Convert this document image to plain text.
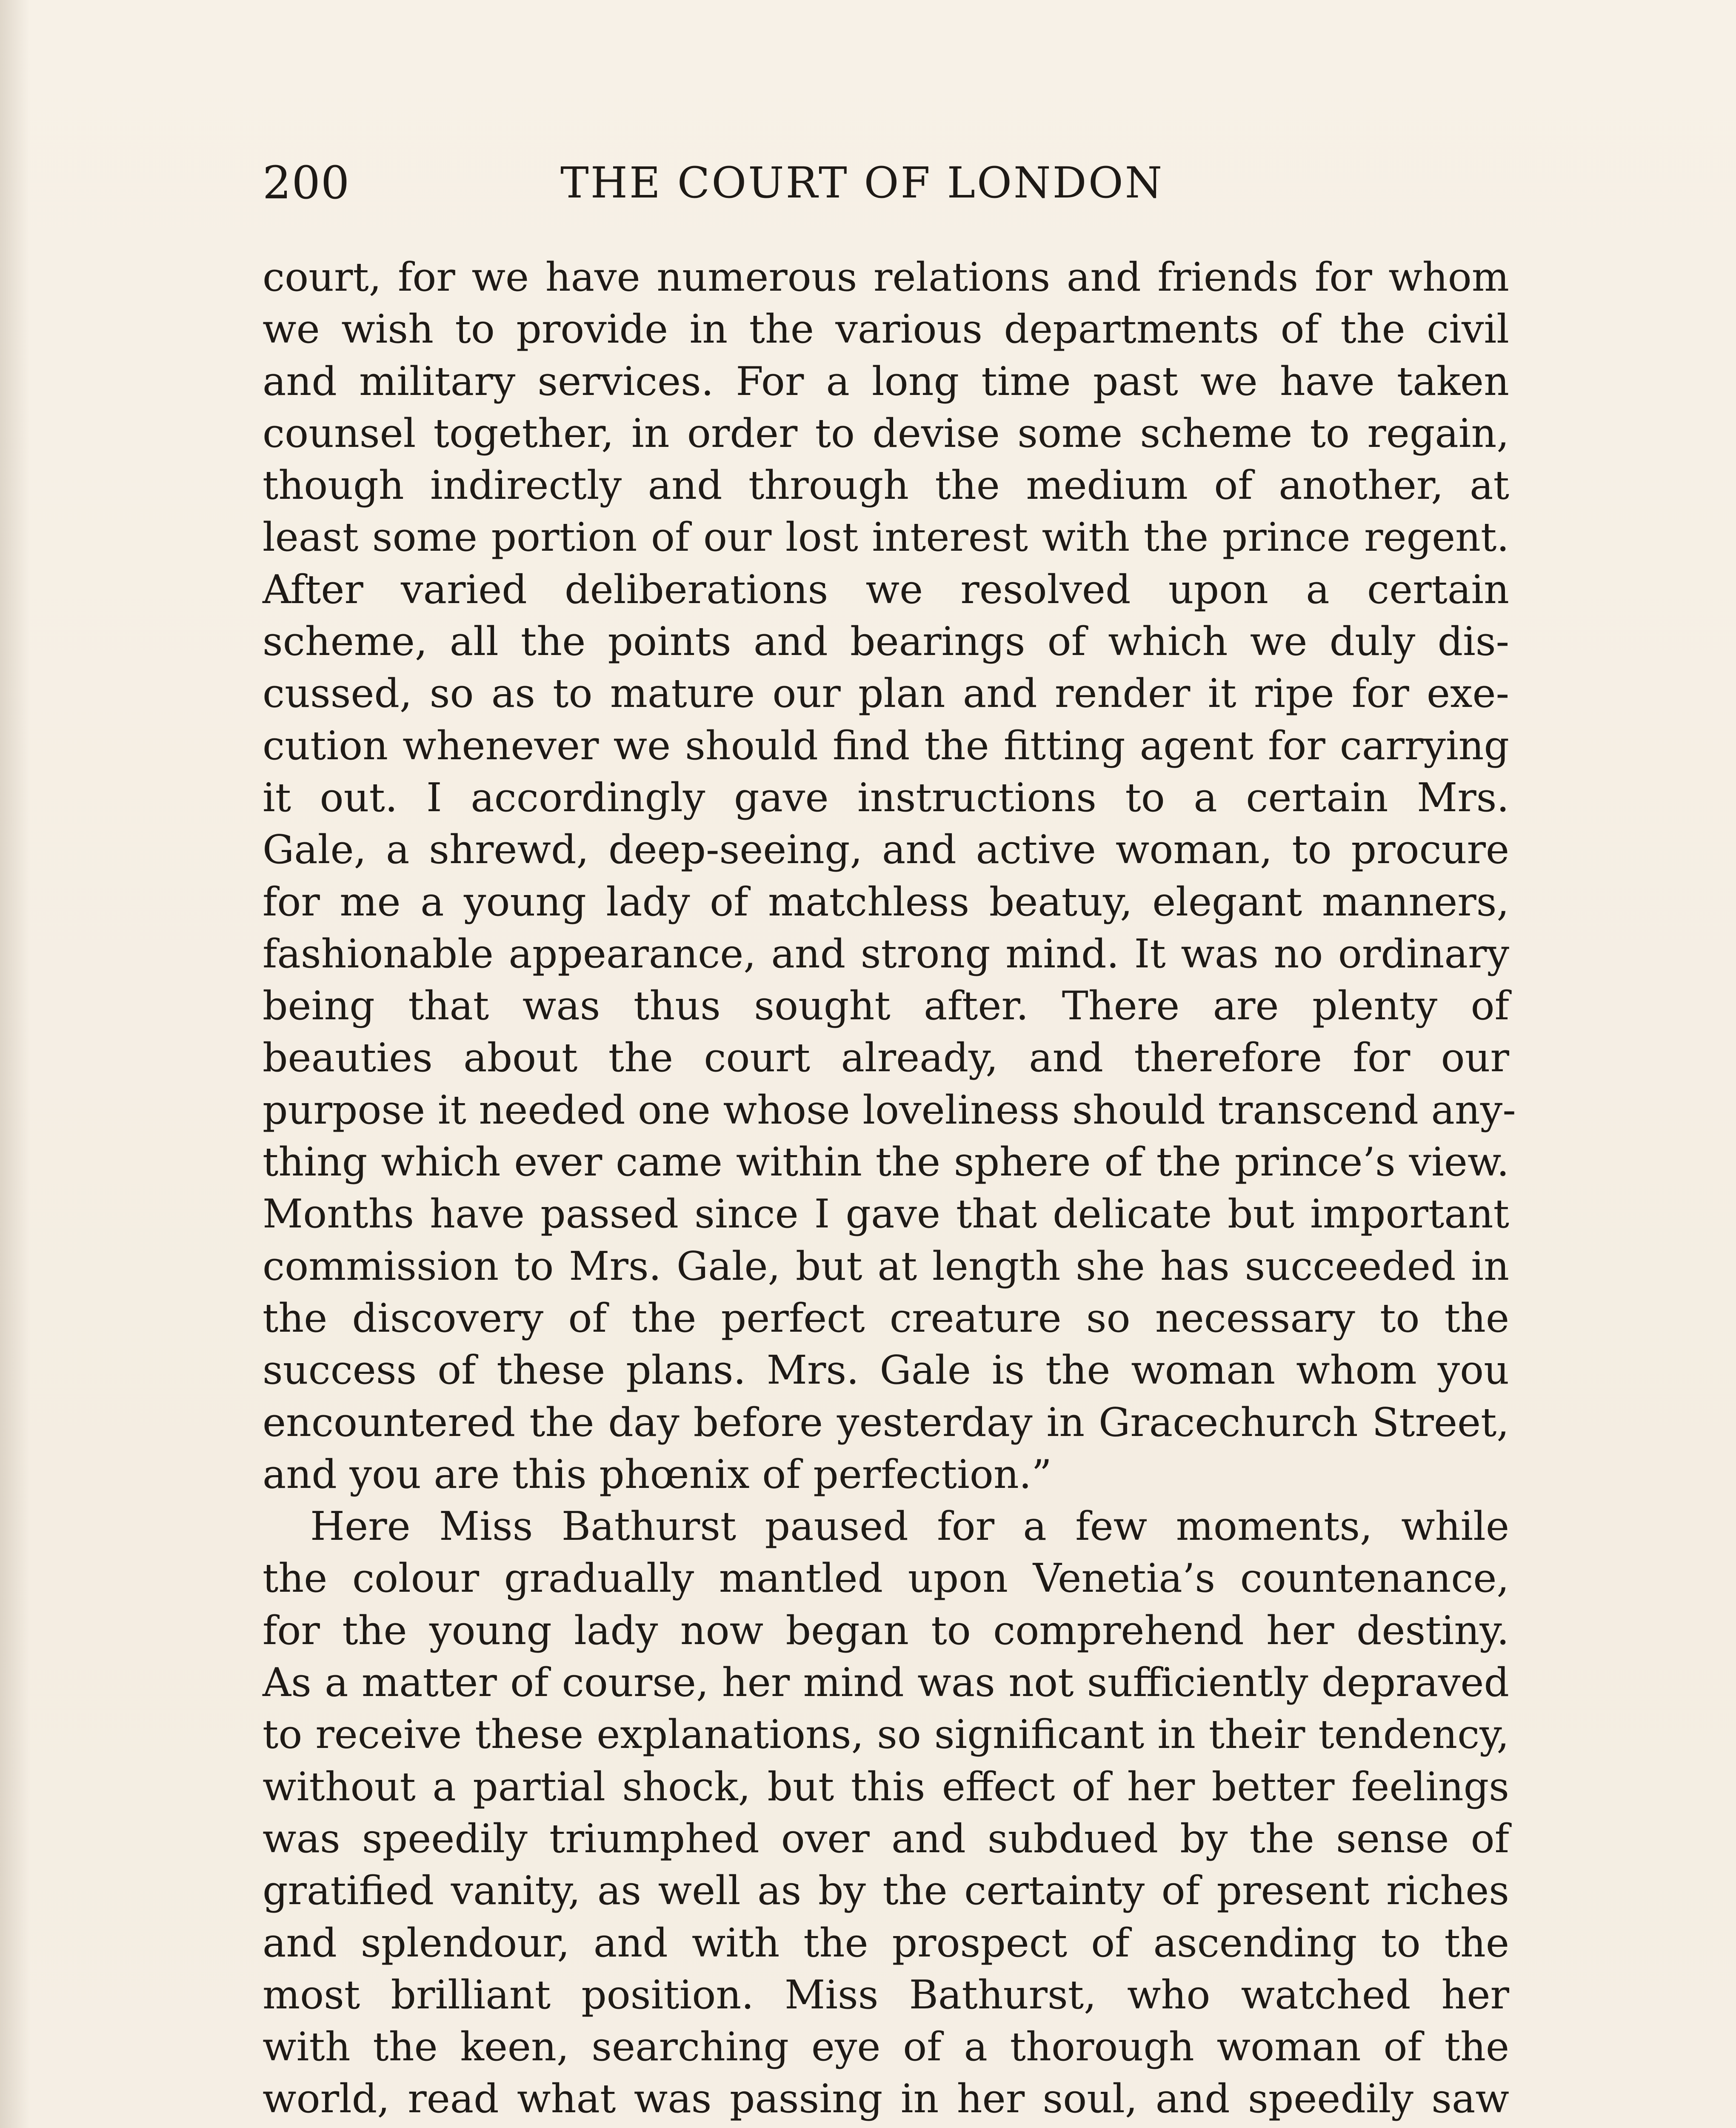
200	THE COURT OF LONDON
court, for we have numerous relations and friends for whom
we wish to provide in the various departments of the civil
and military services. For a long time past we have taken
counsel together, in order to devise some scheme to regain,
though indirectly and through the medium of another, at
least some portion of our lost interest with the prince regent.
After varied deliberations we resolved upon a certain
scheme, all the points and bearings of which we duly dis-
cussed, so as to mature our plan and render it ripe for exe-
cution whenever we should find the fitting agent for carrying
it out. I accordingly gave instructions to a certain Mrs.
Gale, a shrewd, deep-seeing, and active woman, to procure
for me a young lady of matchless beatuy, elegant manners,
fashionable appearance, and strong mind. It was no ordinary
being that was thus sought after. There are plenty of
beauties about the court already, and therefore for our
purpose it needed one whose loveliness should transcend any-
thing which ever came within the sphere of the prince’s view.
Months have passed since I gave that delicate but important
commission to Mrs. Gale, but at length she has succeeded in
the discovery of the perfect creature so necessary to the
success of these plans. Mrs. Gale is the woman whom you
encountered the day before yesterday in Gracechurch Street,
and you are this phœnix of perfection.”
Here Miss Bathurst paused for a few moments, while
the colour gradually mantled upon Venetia’s countenance,
for the young lady now began to comprehend her destiny.
As a matter of course, her mind was not sufficiently depraved
to receive these explanations, so significant in their tendency,
without a partial shock, but this effect of her better feelings
was speedily triumphed over and subdued by the sense of
gratified vanity, as well as by the certainty of present riches
and splendour, and with the prospect of ascending to the
most brilliant position. Miss Bathurst, who watched her
with the keen, searching eye of a thorough woman of the
world, read what was passing in her soul, and speedily saw
